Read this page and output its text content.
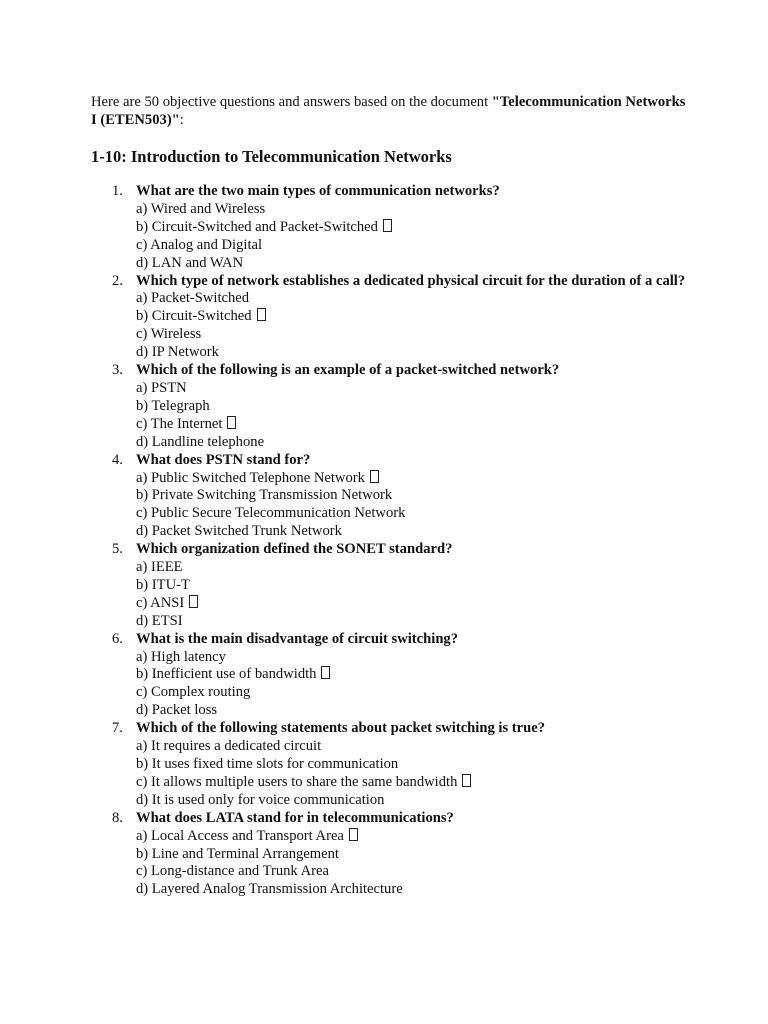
Here are 50 objective questions and answers based on the document "Telecommunication Networks I (ETEN503)":

1-10: Introduction to Telecommunication Networks
1. What are the two main types of communication networks?
a) Wired and Wireless
b) Circuit-Switched and Packet-Switched
c) Analog and Digital
d) LAN and WAN
2. Which type of network establishes a dedicated physical circuit for the duration of a call?
a) Packet-Switched
b) Circuit-Switched
c) Wireless
d) IP Network
3. Which of the following is an example of a packet-switched network?
a) PSTN
b) Telegraph
c) The Internet
d) Landline telephone
4. What does PSTN stand for?
a) Public Switched Telephone Network
b) Private Switching Transmission Network
c) Public Secure Telecommunication Network
d) Packet Switched Trunk Network
5. Which organization defined the SONET standard?
a) IEEE
b) ITU-T
c) ANSI
d) ETSI
6. What is the main disadvantage of circuit switching?
a) High latency
b) Inefficient use of bandwidth
c) Complex routing
d) Packet loss
7. Which of the following statements about packet switching is true?
a) It requires a dedicated circuit
b) It uses fixed time slots for communication
c) It allows multiple users to share the same bandwidth
d) It is used only for voice communication
8. What does LATA stand for in telecommunications?
a) Local Access and Transport Area
b) Line and Terminal Arrangement
c) Long-distance and Trunk Area
d) Layered Analog Transmission Architecture
